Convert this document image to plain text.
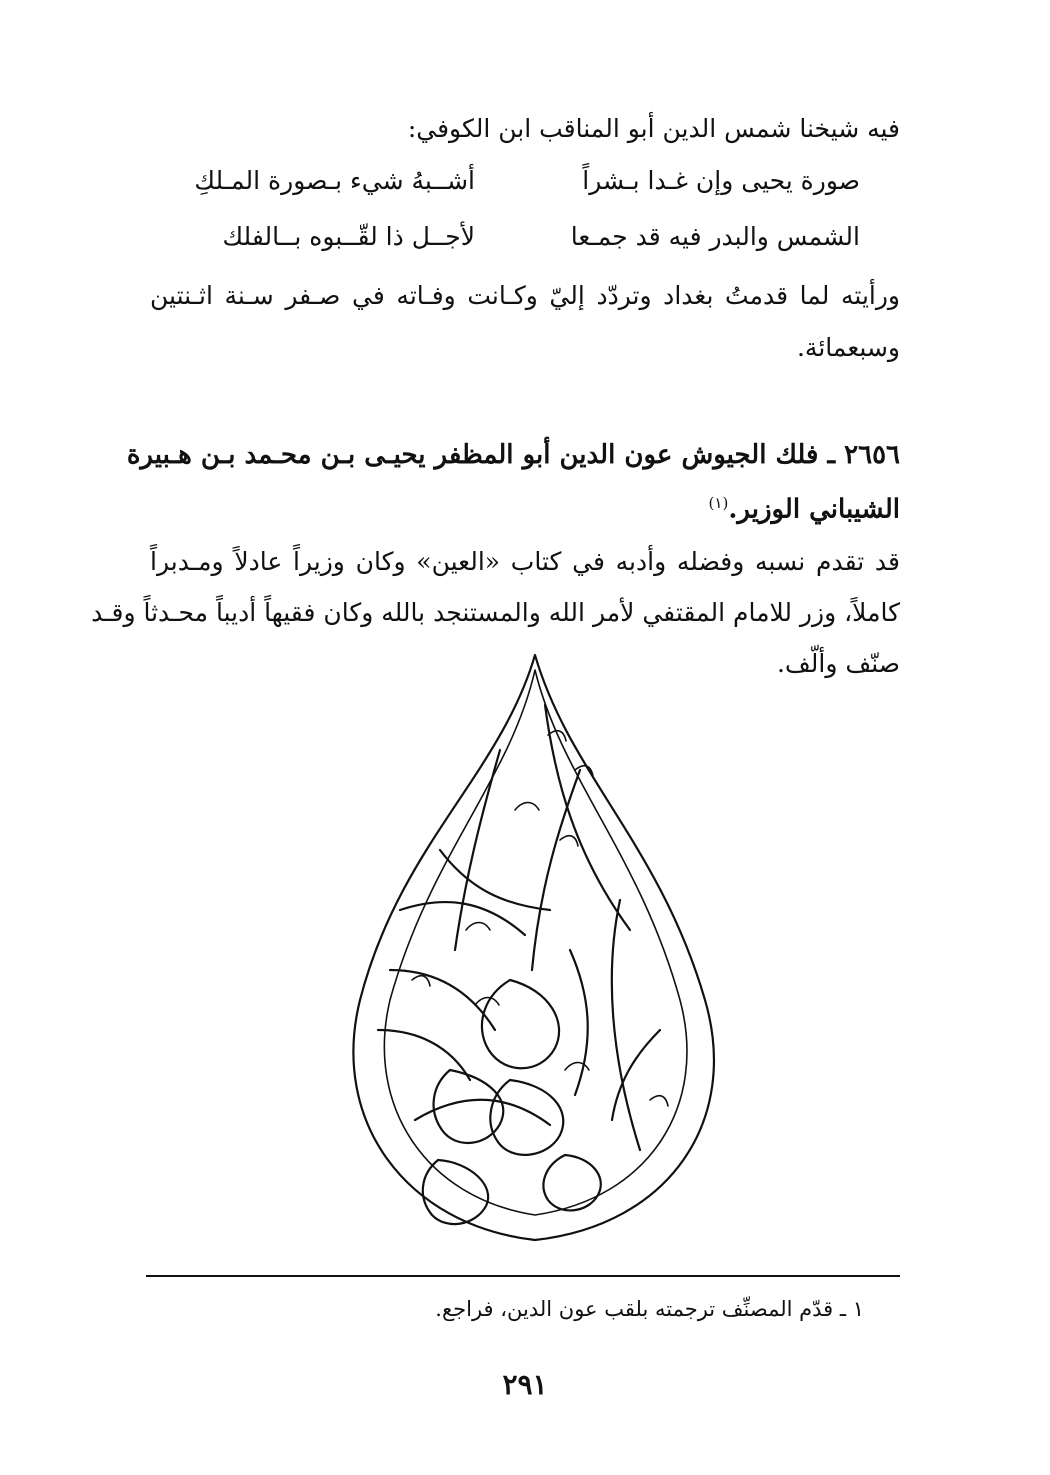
فيه شيخنا شمس الدين أبو المناقب ابن الكوفي:
صورة يحيى وإن غـدا بـشراً
أشــبهُ شيء بـصورة المـلكِ
الشمس والبدر فيه قد جمـعا
لأجــل ذا لقّــبوه بــالفلك
ورأيته لما قدمتُ بغداد وتردّد إليّ وكـانت وفـاته في صـفر سـنة اثـنتين
وسبعمائة.
٢٦٥٦ ـ فلك الجيوش عون الدين أبو المظفر يحيـى بـن محـمد بـن هـبيرة
الشيباني الوزير.$^{(١)}$
قد تقدم نسبه وفضله وأدبه في كتاب «العين» وكان وزيراً عادلاً ومـدبراً
كاملاً، وزر للامام المقتفي لأمر الله والمستنجد بالله وكان فقيهاً أديباً محـدثاً وقـد
صنّف وألّف.
١ ـ قدّم المصنِّف ترجمته بلقب عون الدين، فراجع.
٢٩١
